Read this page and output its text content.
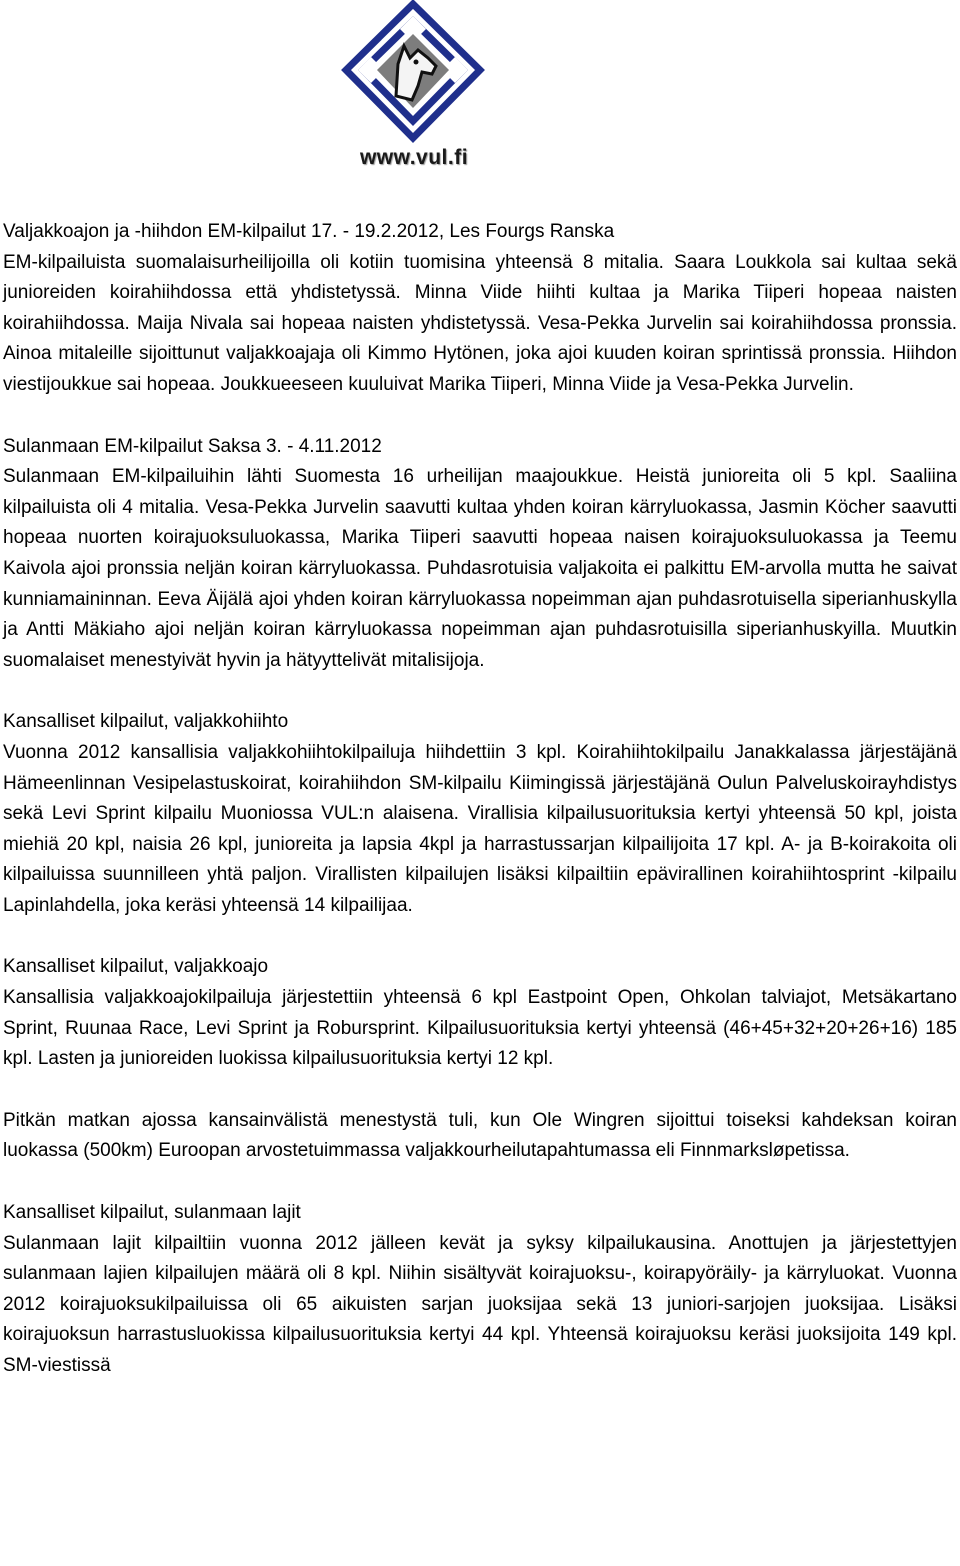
www.vul.fi
Valjakkoajon ja -hiihdon EM-kilpailut 17. - 19.2.2012, Les Fourgs Ranska

EM-kilpailuista suomalaisurheilijoilla oli kotiin tuomisina yhteensä 8 mitalia. Saara Loukkola sai kultaa sekä junioreiden koirahiihdossa että yhdistetyssä. Minna Viide hiihti kultaa ja Marika Tiiperi hopeaa naisten koirahiihdossa. Maija Nivala sai hopeaa naisten yhdistetyssä. Vesa-Pekka Jurvelin sai koirahiihdossa pronssia. Ainoa mitaleille sijoittunut valjakkoajaja oli Kimmo Hytönen, joka ajoi kuuden koiran sprintissä pronssia. Hiihdon viestijoukkue sai hopeaa. Joukkueeseen kuuluivat Marika Tiiperi, Minna Viide ja Vesa-Pekka Jurvelin.

Sulanmaan EM-kilpailut Saksa 3. - 4.11.2012

Sulanmaan EM-kilpailuihin lähti Suomesta 16 urheilijan maajoukkue. Heistä junioreita oli 5 kpl. Saaliina kilpailuista oli 4 mitalia. Vesa-Pekka Jurvelin saavutti kultaa yhden koiran kärryluokassa, Jasmin Köcher saavutti hopeaa nuorten koirajuoksuluokassa, Marika Tiiperi saavutti hopeaa naisen koirajuoksuluokassa ja Teemu Kaivola ajoi pronssia neljän koiran kärryluokassa. Puhdasrotuisia valjakoita ei palkittu EM-arvolla mutta he saivat kunniamaininnan. Eeva Äijälä ajoi yhden koiran kärryluokassa nopeimman ajan puhdasrotuisella siperianhuskylla ja Antti Mäkiaho ajoi neljän koiran kärryluokassa nopeimman ajan puhdasrotuisilla siperianhuskyilla. Muutkin suomalaiset menestyivät hyvin ja hätyyttelivät mitalisijoja.

Kansalliset kilpailut, valjakkohiihto

Vuonna 2012 kansallisia valjakkohiihtokilpailuja hiihdettiin 3 kpl. Koirahiihtokilpailu Janakkalassa järjestäjänä Hämeenlinnan Vesipelastuskoirat, koirahiihdon SM-kilpailu Kiimingissä järjestäjänä Oulun Palveluskoirayhdistys sekä Levi Sprint kilpailu Muoniossa VUL:n alaisena. Virallisia kilpailusuorituksia kertyi yhteensä 50 kpl, joista miehiä 20 kpl, naisia 26 kpl, junioreita ja lapsia 4kpl ja harrastussarjan kilpailijoita 17 kpl. A- ja B-koirakoita oli kilpailuissa suunnilleen yhtä paljon. Virallisten kilpailujen lisäksi kilpailtiin epävirallinen koirahiihtosprint -kilpailu Lapinlahdella, joka keräsi yhteensä 14 kilpailijaa.

Kansalliset kilpailut, valjakkoajo

Kansallisia valjakkoajokilpailuja järjestettiin yhteensä 6 kpl Eastpoint Open, Ohkolan talviajot, Metsäkartano Sprint, Ruunaa Race, Levi Sprint ja Robursprint. Kilpailusuorituksia kertyi yhteensä (46+45+32+20+26+16) 185 kpl. Lasten ja junioreiden luokissa kilpailusuorituksia kertyi 12 kpl.

Pitkän matkan ajossa kansainvälistä menestystä tuli, kun Ole Wingren sijoittui toiseksi kahdeksan koiran luokassa (500km) Euroopan arvostetuimmassa valjakkourheilutapahtumassa eli Finnmarksløpetissa.

Kansalliset kilpailut, sulanmaan lajit

Sulanmaan lajit kilpailtiin vuonna 2012 jälleen kevät ja syksy kilpailukausina. Anottujen ja järjestettyjen sulanmaan lajien kilpailujen määrä oli 8 kpl. Niihin sisältyvät koirajuoksu-, koirapyöräily- ja kärryluokat. Vuonna 2012 koirajuoksukilpailuissa oli 65 aikuisten sarjan juoksijaa sekä 13 juniori-sarjojen juoksijaa. Lisäksi koirajuoksun harrastusluokissa kilpailusuorituksia kertyi 44 kpl. Yhteensä koirajuoksu keräsi juoksijoita 149 kpl. SM-viestissä
